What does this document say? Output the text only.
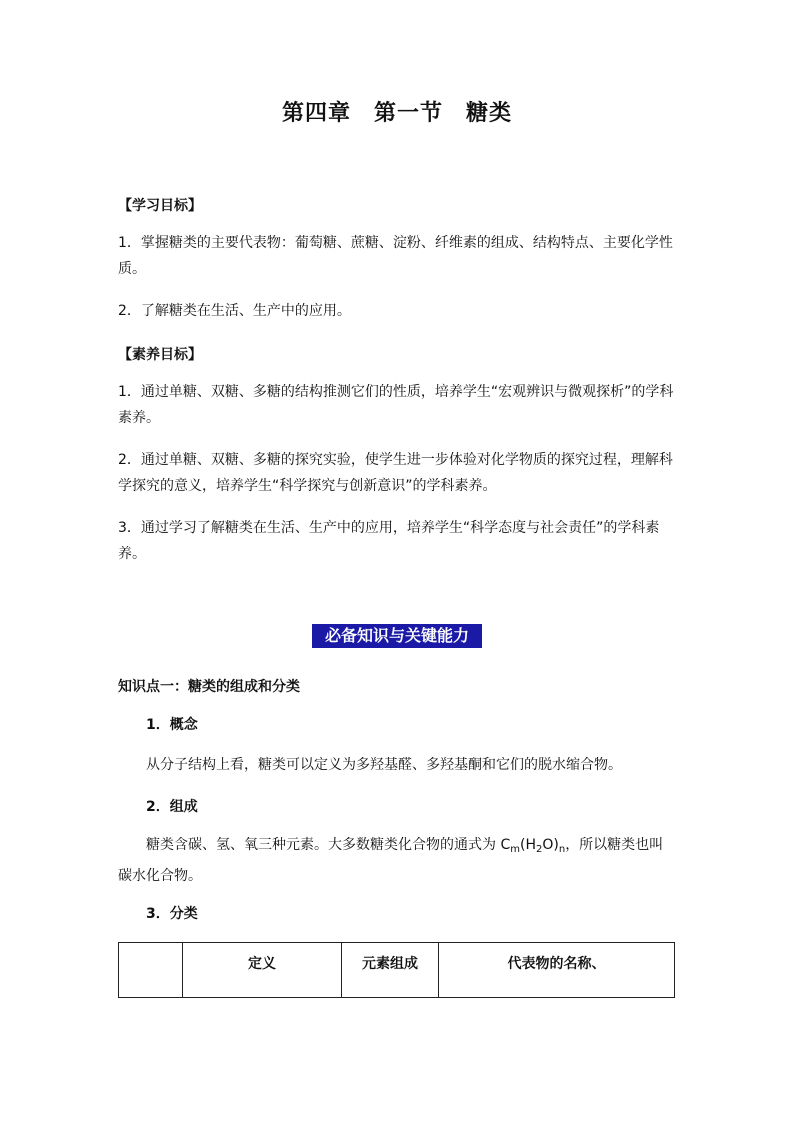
第四章　第一节　糖类
【学习目标】

1．掌握糖类的主要代表物：葡萄糖、蔗糖、淀粉、纤维素的组成、结构特点、主要化学性质。

2．了解糖类在生活、生产中的应用。

【素养目标】

1．通过单糖、双糖、多糖的结构推测它们的性质，培养学生“宏观辨识与微观探析”的学科素养。

2．通过单糖、双糖、多糖的探究实验，使学生进一步体验对化学物质的探究过程，理解科学探究的意义，培养学生“科学探究与创新意识”的学科素养。

3．通过学习了解糖类在生活、生产中的应用，培养学生“科学态度与社会责任”的学科素养。

必备知识与关键能力
知识点一：糖类的组成和分类
1．概念

从分子结构上看，糖类可以定义为多羟基醛、多羟基酮和它们的脱水缩合物。

2．组成

糖类含碳、氢、氧三种元素。大多数糖类化合物的通式为 $C_m(H_2O)_n$，所以糖类也叫碳水化合物。

3．分类
	定义	元素组成	代表物的名称、
